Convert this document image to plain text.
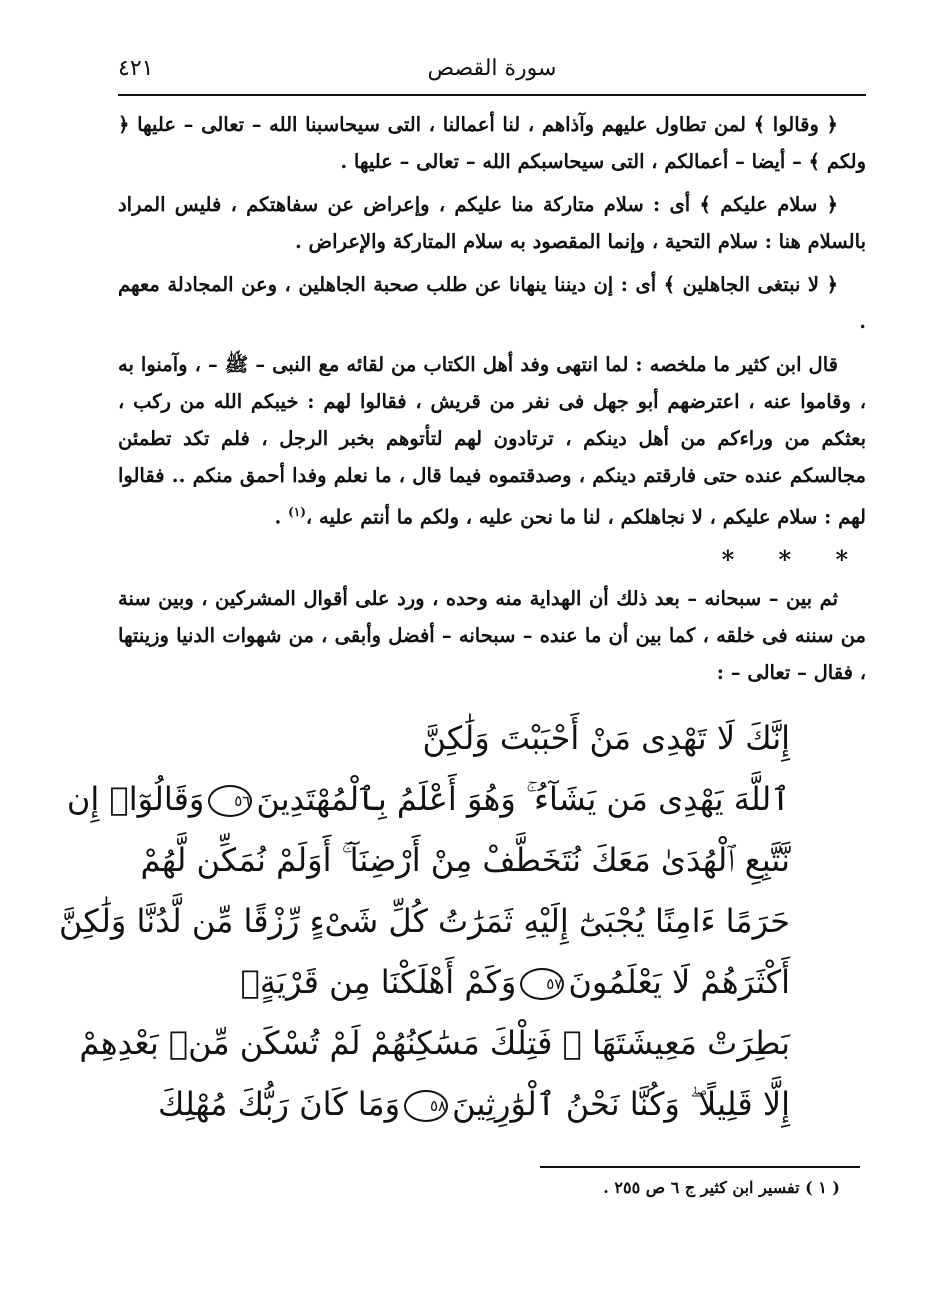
سورة القصص
٤٢١

﴿ وقالوا ﴾ لمن تطاول عليهم وآذاهم ، لنا أعمالنا ، التى سيحاسبنا الله – تعالى – عليها ﴿ ولكم ﴾ – أيضا – أعمالكم ، التى سيحاسبكم الله – تعالى – عليها .

﴿ سلام عليكم ﴾ أى : سلام متاركة منا عليكم ، وإعراض عن سفاهتكم ، فليس المراد بالسلام هنا : سلام التحية ، وإنما المقصود به سلام المتاركة والإعراض .

﴿ لا نبتغى الجاهلين ﴾ أى : إن ديننا ينهانا عن طلب صحبة الجاهلين ، وعن المجادلة معهم .

قال ابن كثير ما ملخصه : لما انتهى وفد أهل الكتاب من لقائه مع النبى – ﷺ – ، وآمنوا به ، وقاموا عنه ، اعترضهم أبو جهل فى نفر من قريش ، فقالوا لهم : خيبكم الله من ركب ، بعثكم من وراءكم من أهل دينكم ، ترتادون لهم لتأتوهم بخبر الرجل ، فلم تكد تطمئن مجالسكم عنده حتى فارقتم دينكم ، وصدقتموه فيما قال ، ما نعلم وفدا أحمق منكم .. فقالوا لهم : سلام عليكم ، لا نجاهلكم ، لنا ما نحن عليه ، ولكم ما أنتم عليه ،$^{(١)}$ .

* * *

ثم بين – سبحانه – بعد ذلك أن الهداية منه وحده ، ورد على أقوال المشركين ، وبين سنة من سننه فى خلقه ، كما بين أن ما عنده – سبحانه – أفضل وأبقى ، من شهوات الدنيا وزينتها ، فقال – تعالى – :

إِنَّكَ لَا تَهْدِى مَنْ أَحْبَبْتَ وَلَٰكِنَّ
ٱللَّهَ يَهْدِى مَن يَشَآءُ ۚ وَهُوَ أَعْلَمُ بِٱلْمُهْتَدِينَ٥٦وَقَالُوٓا۟ إِن
نَّتَّبِعِ ٱلْهُدَىٰ مَعَكَ نُتَخَطَّفْ مِنْ أَرْضِنَآ ۚ أَوَلَمْ نُمَكِّن لَّهُمْ
حَرَمًا ءَامِنًا يُجْبَىٰٓ إِلَيْهِ ثَمَرَٰتُ كُلِّ شَىْءٍ رِّزْقًا مِّن لَّدُنَّا وَلَٰكِنَّ
أَكْثَرَهُمْ لَا يَعْلَمُونَ٥٧وَكَمْ أَهْلَكْنَا مِن قَرْيَةٍۭ
بَطِرَتْ مَعِيشَتَهَا ۖ فَتِلْكَ مَسَٰكِنُهُمْ لَمْ تُسْكَن مِّنۢ بَعْدِهِمْ
إِلَّا قَلِيلًا ۖ وَكُنَّا نَحْنُ ٱلْوَٰرِثِينَ٥٨وَمَا كَانَ رَبُّكَ مُهْلِكَ
( ١ ) تفسير ابن كثير ج ٦ ص ٢٥٥ .
